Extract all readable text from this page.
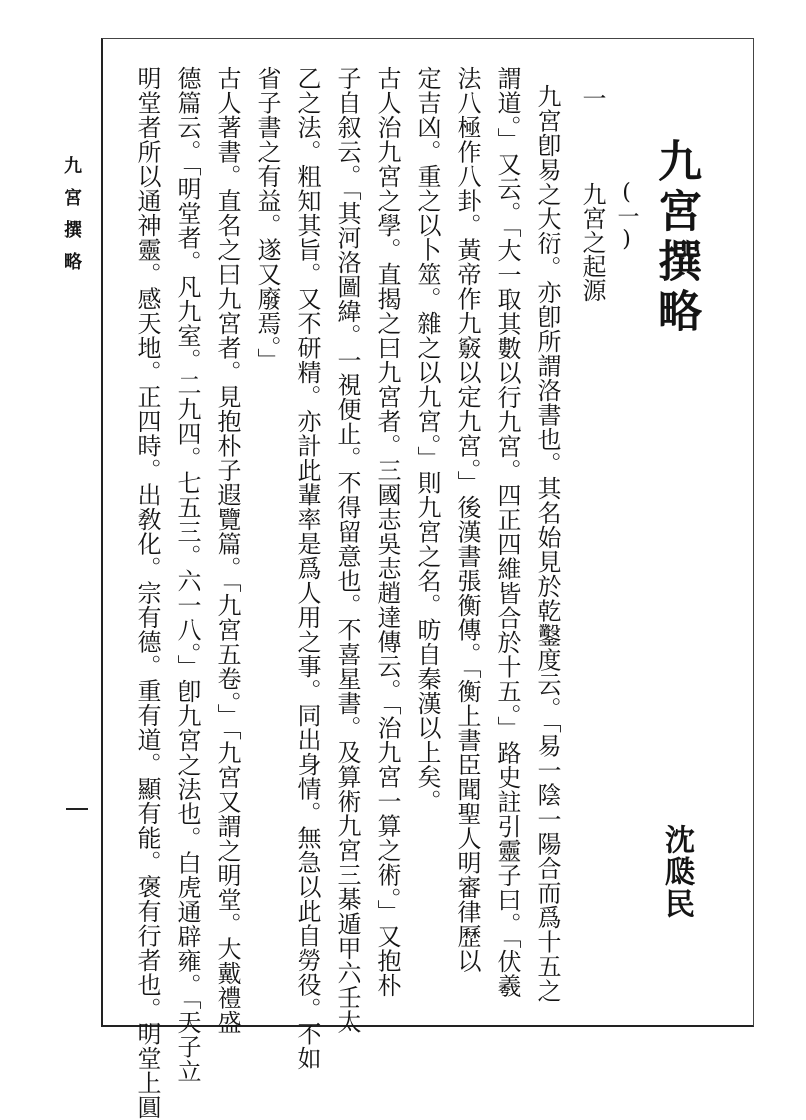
九宮撰略	九宮撰略
(一)
沈瓞民
一
九宮之起源
九宮卽易之大衍。亦卽所謂洛書也。其名始見於乾鑿度云。「易一陰一陽合而爲十五之
謂道。」又云。「大一取其數以行九宮。四正四維皆合於十五。」路史註引靈子曰。「伏羲
法八極作八卦。黃帝作九竅以定九宮。」後漢書張衡傳。「衡上書臣聞聖人明審律歷以
定吉凶。重之以卜筮。雜之以九宮。」則九宮之名。昉自秦漢以上矣。
古人治九宮之學。直揭之曰九宮者。三國志吳志趙達傳云。「治九宮一算之術。」又抱朴
子自叙云。「其河洛圖緯。一視便止。不得留意也。不喜星書。及算術九宮三棊遁甲六壬太
乙之法。粗知其旨。又不研精。亦計此輩率是爲人用之事。同出身情。無急以此自勞役。不如
省子書之有益。遂又廢焉。」
古人著書。直名之曰九宮者。見抱朴子遐覽篇。「九宮五卷。」「九宮又謂之明堂。大戴禮盛
德篇云。「明堂者。凡九室。二九四。七五三。六一八。」卽九宮之法也。白虎通辟雍。「天子立
明堂者所以通神靈。感天地。正四時。出敎化。宗有德。重有道。顯有能。褒有行者也。明堂上圓
